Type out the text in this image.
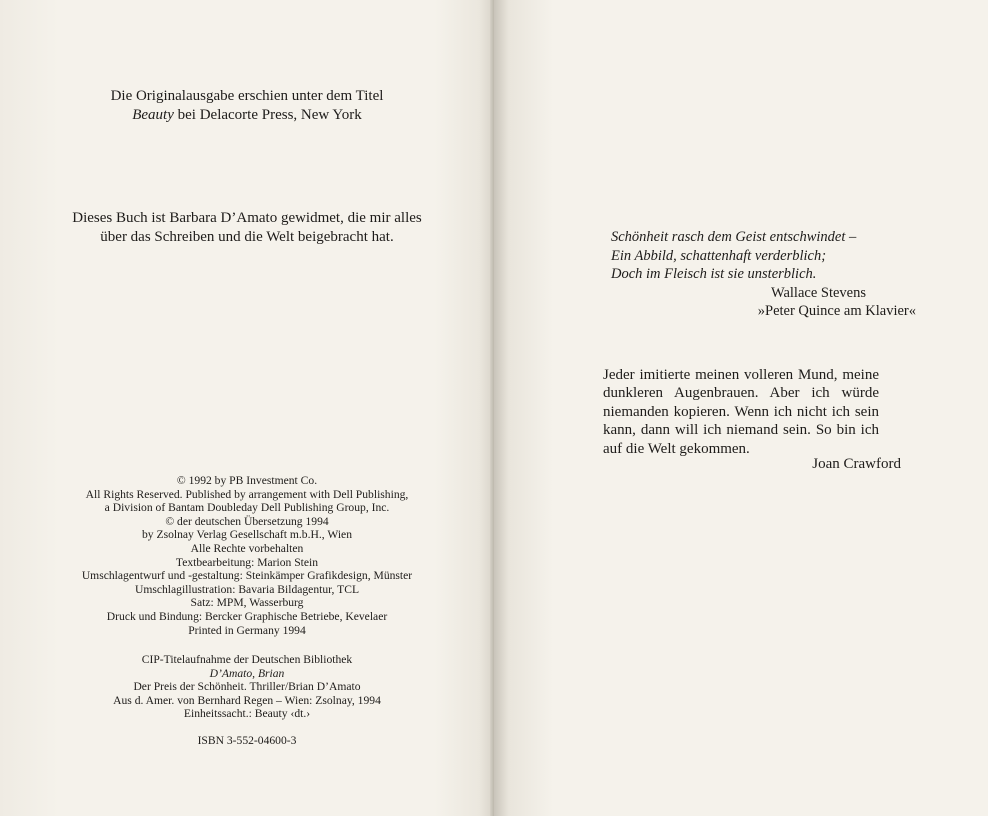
Die Originalausgabe erschien unter dem Titel
Beauty bei Delacorte Press, New York
Dieses Buch ist Barbara D’Amato gewidmet, die mir alles
über das Schreiben und die Welt beigebracht hat.
© 1992 by PB Investment Co.
All Rights Reserved. Published by arrangement with Dell Publishing,
a Division of Bantam Doubleday Dell Publishing Group, Inc.
© der deutschen Übersetzung 1994
by Zsolnay Verlag Gesellschaft m.b.H., Wien
Alle Rechte vorbehalten
Textbearbeitung: Marion Stein
Umschlagentwurf und -gestaltung: Steinkämper Grafikdesign, Münster
Umschlagillustration: Bavaria Bildagentur, TCL
Satz: MPM, Wasserburg
Druck und Bindung: Bercker Graphische Betriebe, Kevelaer
Printed in Germany 1994
CIP-Titelaufnahme der Deutschen Bibliothek
D’Amato, Brian
Der Preis der Schönheit. Thriller/Brian D’Amato
Aus d. Amer. von Bernhard Regen – Wien: Zsolnay, 1994
Einheitssacht.: Beauty ‹dt.›
ISBN 3-552-04600-3
Schönheit rasch dem Geist entschwindet –
Ein Abbild, schattenhaft verderblich;
Doch im Fleisch ist sie unsterblich.
Wallace Stevens
»Peter Quince am Klavier«
Jeder imitierte meinen volleren Mund, meine dunkleren Augenbrauen. Aber ich würde niemanden kopieren. Wenn ich nicht ich sein kann, dann will ich niemand sein. So bin ich auf die Welt gekommen.
Joan Crawford
